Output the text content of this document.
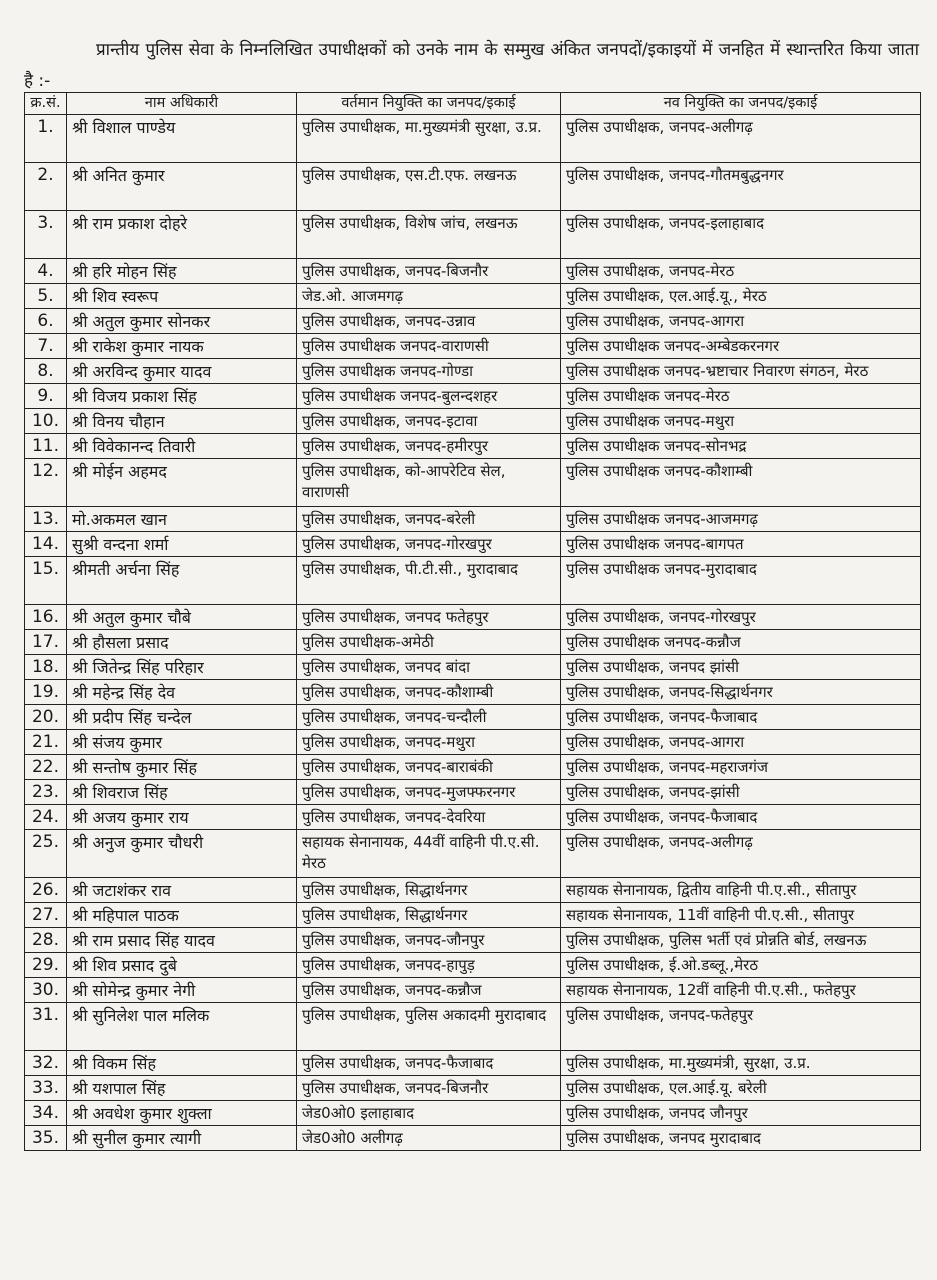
प्रान्तीय पुलिस सेवा के निम्नलिखित उपाधीक्षकों को उनके नाम के सम्मुख अंकित जनपदों/इकाइयों में जनहित में स्थान्तरित किया जाता है :-

क्र.सं.	नाम अधिकारी	वर्तमान नियुक्ति का जनपद/इकाई	नव नियुक्ति का जनपद/इकाई
1.	श्री विशाल पाण्डेय	पुलिस उपाधीक्षक, मा.मुख्यमंत्री सुरक्षा, उ.प्र.	पुलिस उपाधीक्षक, जनपद-अलीगढ़
2.	श्री अनित कुमार	पुलिस उपाधीक्षक, एस.टी.एफ. लखनऊ	पुलिस उपाधीक्षक, जनपद-गौतमबुद्धनगर
3.	श्री राम प्रकाश दोहरे	पुलिस उपाधीक्षक, विशेष जांच, लखनऊ	पुलिस उपाधीक्षक, जनपद-इलाहाबाद
4.	श्री हरि मोहन सिंह	पुलिस उपाधीक्षक, जनपद-बिजनौर	पुलिस उपाधीक्षक, जनपद-मेरठ
5.	श्री शिव स्वरूप	जेड.ओ. आजमगढ़	पुलिस उपाधीक्षक, एल.आई.यू., मेरठ
6.	श्री अतुल कुमार सोनकर	पुलिस उपाधीक्षक, जनपद-उन्नाव	पुलिस उपाधीक्षक, जनपद-आगरा
7.	श्री राकेश कुमार नायक	पुलिस उपाधीक्षक जनपद-वाराणसी	पुलिस उपाधीक्षक जनपद-अम्बेडकरनगर
8.	श्री अरविन्द कुमार यादव	पुलिस उपाधीक्षक जनपद-गोण्डा	पुलिस उपाधीक्षक जनपद-भ्रष्टाचार निवारण संगठन, मेरठ
9.	श्री विजय प्रकाश सिंह	पुलिस उपाधीक्षक जनपद-बुलन्दशहर	पुलिस उपाधीक्षक जनपद-मेरठ
10.	श्री विनय चौहान	पुलिस उपाधीक्षक, जनपद-इटावा	पुलिस उपाधीक्षक जनपद-मथुरा
11.	श्री विवेकानन्द तिवारी	पुलिस उपाधीक्षक, जनपद-हमीरपुर	पुलिस उपाधीक्षक जनपद-सोनभद्र
12.	श्री मोईन अहमद	पुलिस उपाधीक्षक, को-आपरेटिव सेल, वाराणसी	पुलिस उपाधीक्षक जनपद-कौशाम्बी
13.	मो.अकमल खान	पुलिस उपाधीक्षक, जनपद-बरेली	पुलिस उपाधीक्षक जनपद-आजमगढ़
14.	सुश्री वन्दना शर्मा	पुलिस उपाधीक्षक, जनपद-गोरखपुर	पुलिस उपाधीक्षक जनपद-बागपत
15.	श्रीमती अर्चना सिंह	पुलिस उपाधीक्षक, पी.टी.सी., मुरादाबाद	पुलिस उपाधीक्षक जनपद-मुरादाबाद
16.	श्री अतुल कुमार चौबे	पुलिस उपाधीक्षक, जनपद फतेहपुर	पुलिस उपाधीक्षक, जनपद-गोरखपुर
17.	श्री हौसला प्रसाद	पुलिस उपाधीक्षक-अमेठी	पुलिस उपाधीक्षक जनपद-कन्नौज
18.	श्री जितेन्द्र सिंह परिहार	पुलिस उपाधीक्षक, जनपद बांदा	पुलिस उपाधीक्षक, जनपद झांसी
19.	श्री महेन्द्र सिंह देव	पुलिस उपाधीक्षक, जनपद-कौशाम्बी	पुलिस उपाधीक्षक, जनपद-सिद्धार्थनगर
20.	श्री प्रदीप सिंह चन्देल	पुलिस उपाधीक्षक, जनपद-चन्दौली	पुलिस उपाधीक्षक, जनपद-फैजाबाद
21.	श्री संजय कुमार	पुलिस उपाधीक्षक, जनपद-मथुरा	पुलिस उपाधीक्षक, जनपद-आगरा
22.	श्री सन्तोष कुमार सिंह	पुलिस उपाधीक्षक, जनपद-बाराबंकी	पुलिस उपाधीक्षक, जनपद-महराजगंज
23.	श्री शिवराज सिंह	पुलिस उपाधीक्षक, जनपद-मुजफ्फरनगर	पुलिस उपाधीक्षक, जनपद-झांसी
24.	श्री अजय कुमार राय	पुलिस उपाधीक्षक, जनपद-देवरिया	पुलिस उपाधीक्षक, जनपद-फैजाबाद
25.	श्री अनुज कुमार चौधरी	सहायक सेनानायक, 44वीं वाहिनी पी.ए.सी. मेरठ	पुलिस उपाधीक्षक, जनपद-अलीगढ़
26.	श्री जटाशंकर राव	पुलिस उपाधीक्षक, सिद्धार्थनगर	सहायक सेनानायक, द्वितीय वाहिनी पी.ए.सी., सीतापुर
27.	श्री महिपाल पाठक	पुलिस उपाधीक्षक, सिद्धार्थनगर	सहायक सेनानायक, 11वीं वाहिनी पी.ए.सी., सीतापुर
28.	श्री राम प्रसाद सिंह यादव	पुलिस उपाधीक्षक, जनपद-जौनपुर	पुलिस उपाधीक्षक, पुलिस भर्ती एवं प्रोन्नति बोर्ड, लखनऊ
29.	श्री शिव प्रसाद दुबे	पुलिस उपाधीक्षक, जनपद-हापुड़	पुलिस उपाधीक्षक, ई.ओ.डब्लू.,मेरठ
30.	श्री सोमेन्द्र कुमार नेगी	पुलिस उपाधीक्षक, जनपद-कन्नौज	सहायक सेनानायक, 12वीं वाहिनी पी.ए.सी., फतेहपुर
31.	श्री सुनिलेश पाल मलिक	पुलिस उपाधीक्षक, पुलिस अकादमी मुरादाबाद	पुलिस उपाधीक्षक, जनपद-फतेहपुर
32.	श्री विकम सिंह	पुलिस उपाधीक्षक, जनपद-फैजाबाद	पुलिस उपाधीक्षक, मा.मुख्यमंत्री, सुरक्षा, उ.प्र.
33.	श्री यशपाल सिंह	पुलिस उपाधीक्षक, जनपद-बिजनौर	पुलिस उपाधीक्षक, एल.आई.यू. बरेली
34.	श्री अवधेश कुमार शुक्ला	जेड0ओ0 इलाहाबाद	पुलिस उपाधीक्षक, जनपद जौनपुर
35.	श्री सुनील कुमार त्यागी	जेड0ओ0 अलीगढ़	पुलिस उपाधीक्षक, जनपद मुरादाबाद
